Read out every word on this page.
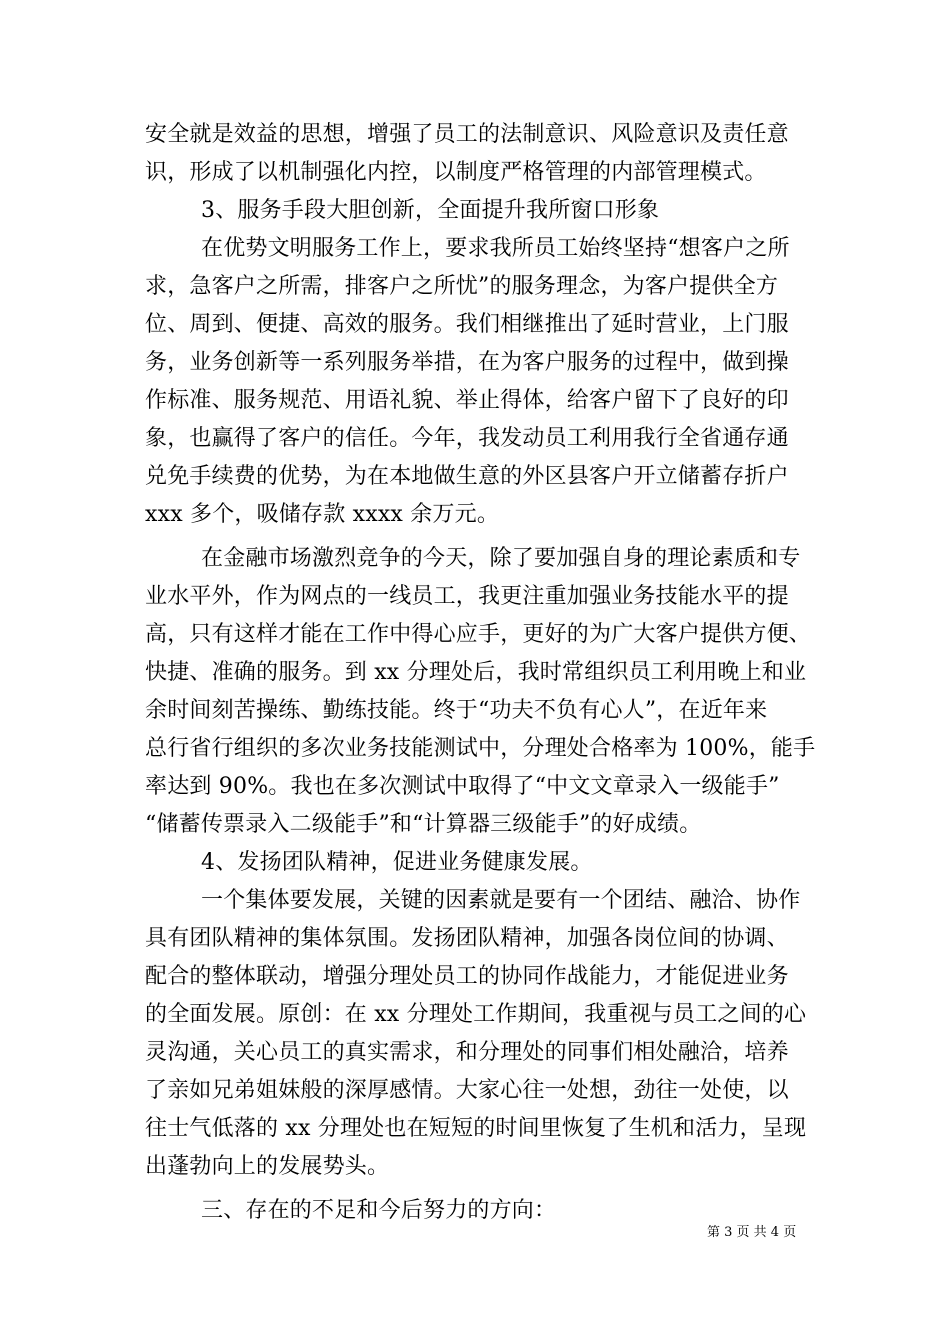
安全就是效益的思想，增强了员工的法制意识、风险意识及责任意
识，形成了以机制强化内控，以制度严格管理的内部管理模式。
3、服务手段大胆创新，全面提升我所窗口形象
在优势文明服务工作上，要求我所员工始终坚持“想客户之所
求，急客户之所需，排客户之所忧”的服务理念，为客户提供全方
位、周到、便捷、高效的服务。我们相继推出了延时营业，上门服
务，业务创新等一系列服务举措，在为客户服务的过程中，做到操
作标准、服务规范、用语礼貌、举止得体，给客户留下了良好的印
象，也赢得了客户的信任。今年，我发动员工利用我行全省通存通
兑免手续费的优势，为在本地做生意的外区县客户开立储蓄存折户
xxx 多个，吸储存款 xxxx 余万元。
在金融市场激烈竞争的今天，除了要加强自身的理论素质和专
业水平外，作为网点的一线员工，我更注重加强业务技能水平的提
高，只有这样才能在工作中得心应手，更好的为广大客户提供方便、
快捷、准确的服务。到 xx 分理处后，我时常组织员工利用晚上和业
余时间刻苦操练、勤练技能。终于“功夫不负有心人”，在近年来
总行省行组织的多次业务技能测试中，分理处合格率为 100%，能手
率达到 90%。我也在多次测试中取得了“中文文章录入一级能手”
“储蓄传票录入二级能手”和“计算器三级能手”的好成绩。
4、发扬团队精神，促进业务健康发展。
一个集体要发展，关键的因素就是要有一个团结、融洽、协作
具有团队精神的集体氛围。发扬团队精神，加强各岗位间的协调、
配合的整体联动，增强分理处员工的协同作战能力，才能促进业务
的全面发展。原创：在 xx 分理处工作期间，我重视与员工之间的心
灵沟通，关心员工的真实需求，和分理处的同事们相处融洽，培养
了亲如兄弟姐妹般的深厚感情。大家心往一处想，劲往一处使，以
往士气低落的 xx 分理处也在短短的时间里恢复了生机和活力，呈现
出蓬勃向上的发展势头。
三、存在的不足和今后努力的方向：
第 3 页 共 4 页
